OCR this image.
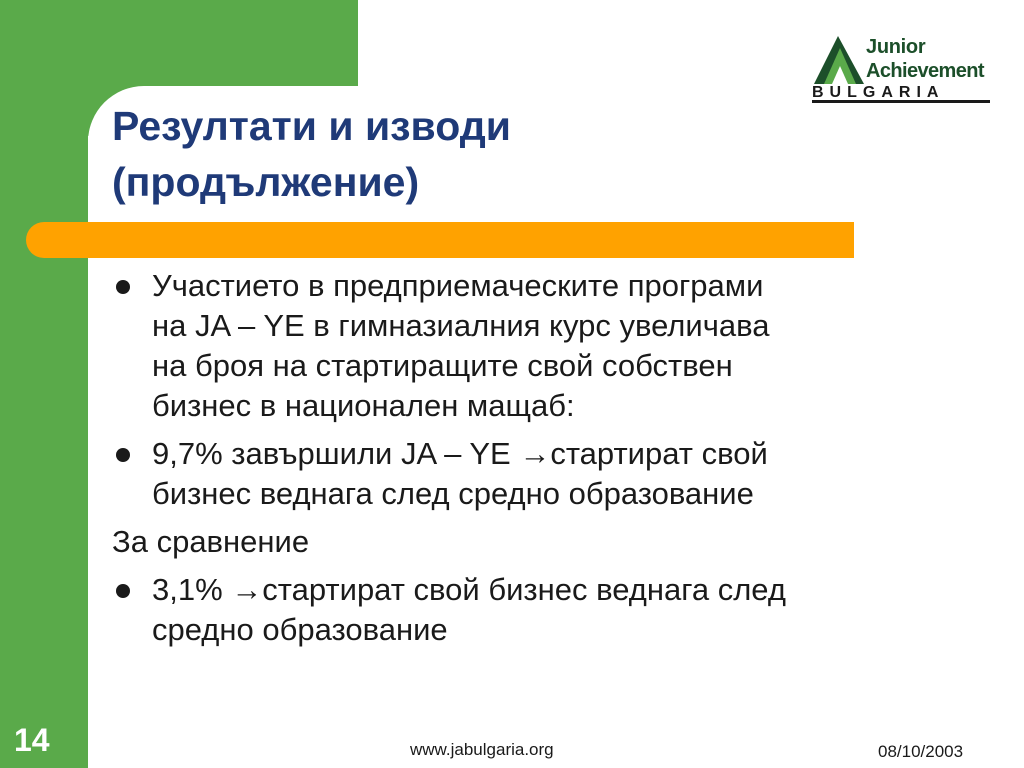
Junior
Achievement
BULGARIA
Резултати и изводи
(продължение)
Участието в предприемаческите програми
на JA – YE в гимназиалния курс увеличава
на броя на стартиращите свой собствен
бизнес в национален мащаб:
9,7% завършили JA – YE →стартират свой
бизнес веднага след средно образование
За сравнение
3,1% →стартират свой бизнес веднага след
средно образование
14	www.jabulgaria.org	08/10/2003
